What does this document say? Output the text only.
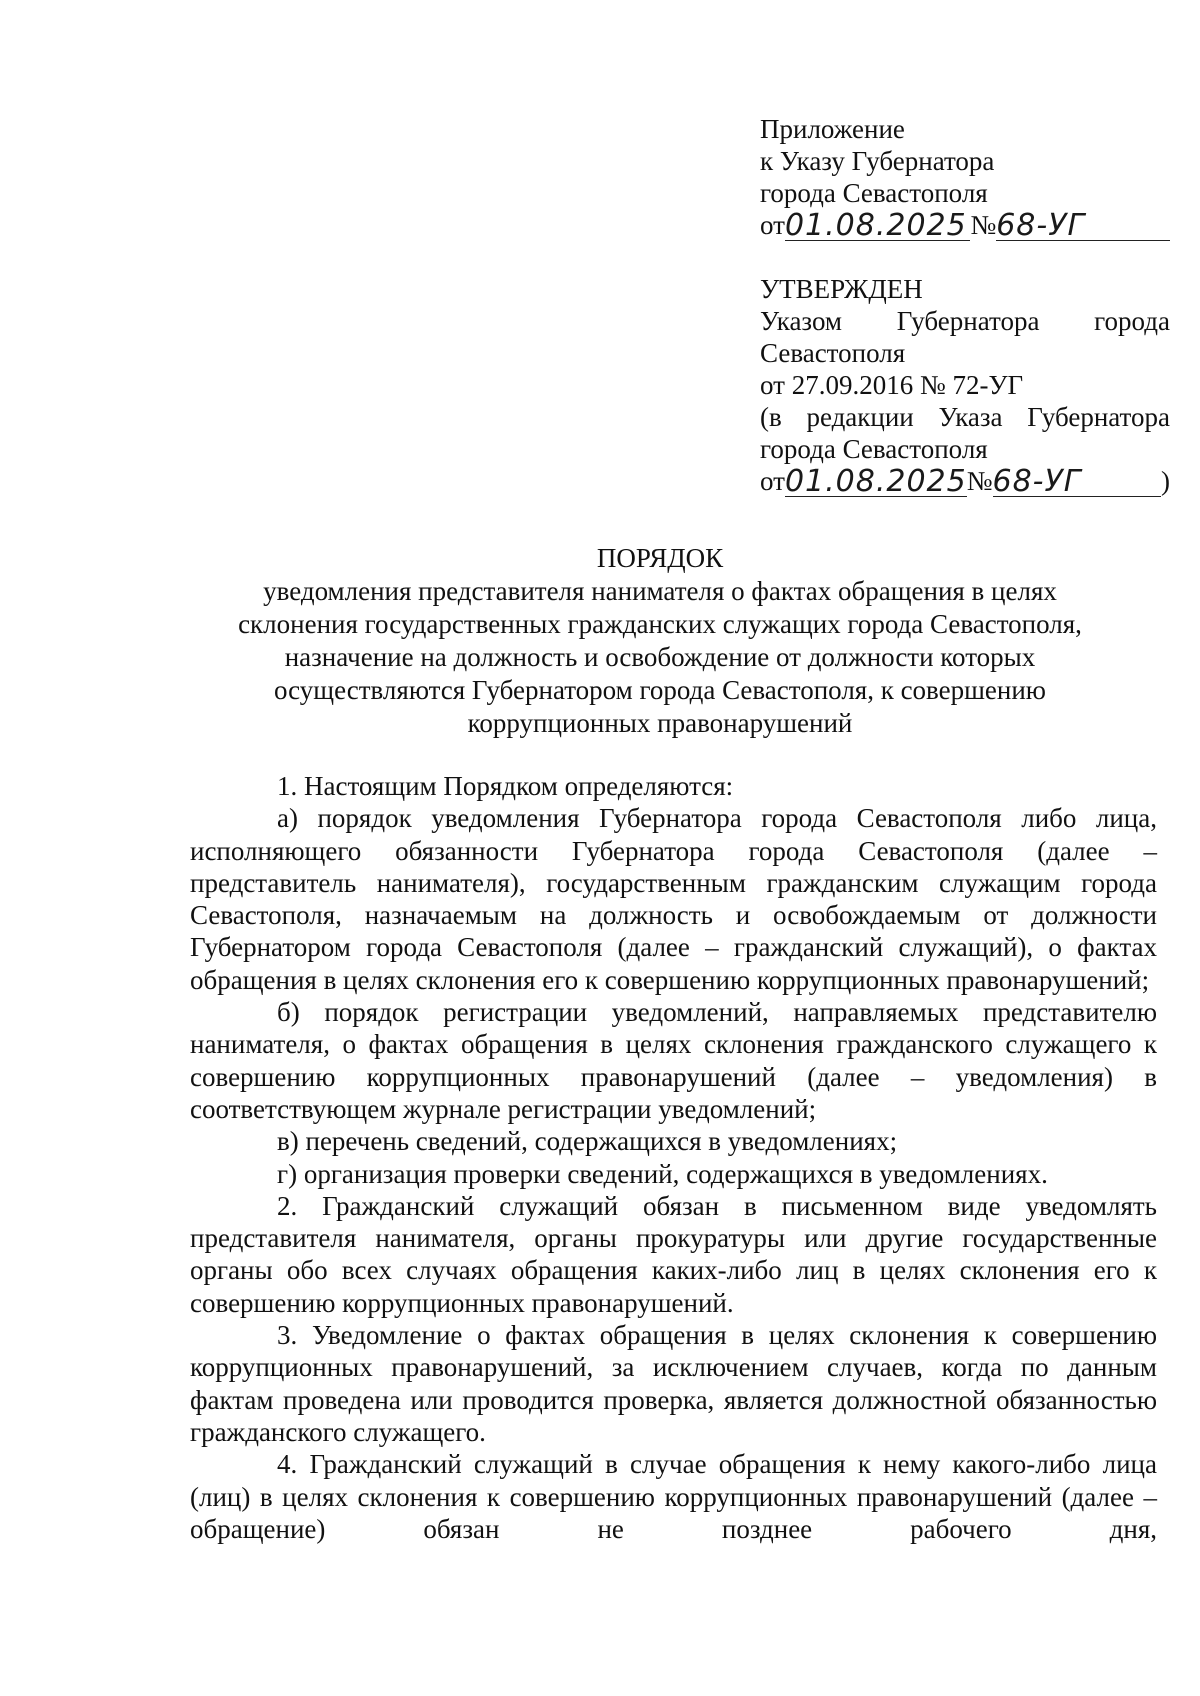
Приложение
к Указу Губернатора
города Севастополя
от 01.08.2025 № 68-УГ
УТВЕРЖДЕН
Указом Губернатора города
Севастополя
от 27.09.2016 № 72-УГ
(в редакции Указа Губернатора
города Севастополя
от 01.08.2025 № 68-УГ	)
ПОРЯДОК
уведомления представителя нанимателя о фактах обращения в целях
склонения государственных гражданских служащих города Севастополя,
назначение на должность и освобождение от должности которых
осуществляются Губернатором города Севастополя, к совершению
коррупционных правонарушений

1. Настоящим Порядком определяются:

а) порядок уведомления Губернатора города Севастополя либо лица, исполняющего обязанности Губернатора города Севастополя (далее – представитель нанимателя), государственным гражданским служащим города Севастополя, назначаемым на должность и освобождаемым от должности Губернатором города Севастополя (далее – гражданский служащий), о фактах обращения в целях склонения его к совершению коррупционных правонарушений;

б) порядок регистрации уведомлений, направляемых представителю нанимателя, о фактах обращения в целях склонения гражданского служащего к совершению коррупционных правонарушений (далее – уведомления) в соответствующем журнале регистрации уведомлений;

в) перечень сведений, содержащихся в уведомлениях;

г) организация проверки сведений, содержащихся в уведомлениях.

2. Гражданский служащий обязан в письменном виде уведомлять представителя нанимателя, органы прокуратуры или другие государственные органы обо всех случаях обращения каких-либо лиц в целях склонения его к совершению коррупционных правонарушений.

3. Уведомление о фактах обращения в целях склонения к совершению коррупционных правонарушений, за исключением случаев, когда по данным фактам проведена или проводится проверка, является должностной обязанностью гражданского служащего.

4. Гражданский служащий в случае обращения к нему какого-либо лица (лиц) в целях склонения к совершению коррупционных правонарушений (далее – обращение) обязан не позднее рабочего дня,
